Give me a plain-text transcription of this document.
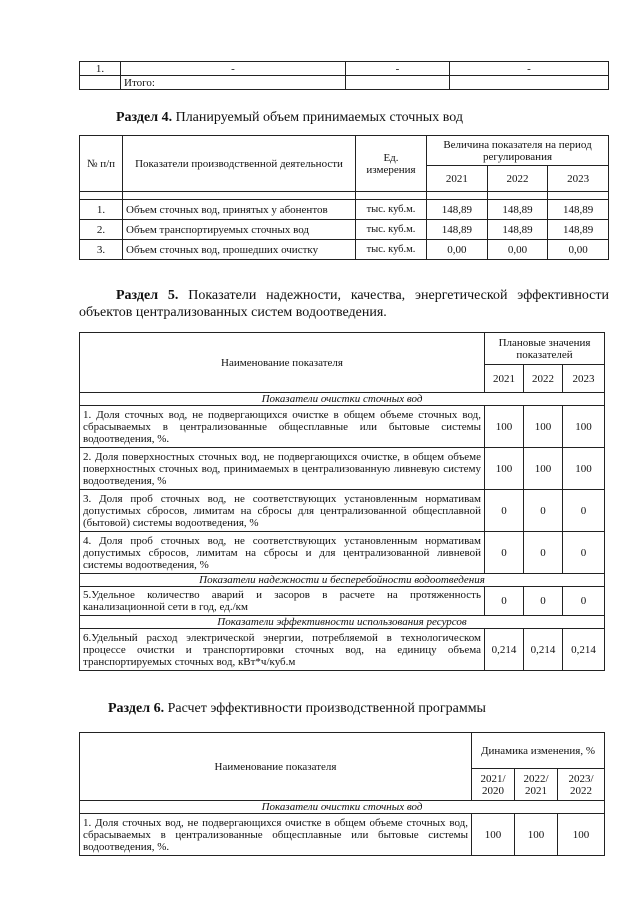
1.	-	-	-
	Итого:		
Раздел 4. Планируемый объем принимаемых сточных вод
№ п/п	Показатели производственной деятельности	Ед. измерения	Величина показателя на период регулирования		
			2021	2022	2023

1.	Объем сточных вод, принятых у абонентов	тыс. куб.м.	148,89	148,89	148,89
2.	Объем транспортируемых сточных вод	тыс. куб.м.	148,89	148,89	148,89
3.	Объем сточных вод, прошедших очистку	тыс. куб.м.	0,00	0,00	0,00
Раздел 5. Показатели надежности, качества, энергетической эффективности объектов централизованных систем водоотведения.
Наименование показателя	Плановые значения показателей		
	2021	2022	2023
Показатели очистки сточных вод			
1. Доля сточных вод, не подвергающихся очистке в общем объеме сточных вод, сбрасываемых в централизованные общесплавные или бытовые системы водоотведения, %.	100	100	100
2. Доля поверхностных сточных вод, не подвергающихся очистке, в общем объеме поверхностных сточных вод, принимаемых в централизованную ливневую систему водоотведения, %	100	100	100
3. Доля проб сточных вод, не соответствующих установленным нормативам допустимых сбросов, лимитам на сбросы для централизованной общесплавной (бытовой) системы водоотведения, %	0	0	0
4. Доля проб сточных вод, не соответствующих установленным нормативам допустимых сбросов, лимитам на сбросы и для централизованной ливневой системы водоотведения, %	0	0	0
Показатели надежности и бесперебойности водоотведения			
5.Удельное количество аварий и засоров в расчете на протяженность канализационной сети в год, ед./км	0	0	0
Показатели эффективности использования ресурсов			
6.Удельный расход электрической энергии, потребляемой в технологическом процессе очистки и транспортировки сточных вод, на единицу объема транспортируемых сточных вод, кВт*ч/куб.м	0,214	0,214	0,214
Раздел 6. Расчет эффективности производственной программы
Наименование показателя	Динамика изменения, %		
	2021/ 2020	2022/ 2021	2023/ 2022
Показатели очистки сточных вод			
1. Доля сточных вод, не подвергающихся очистке в общем объеме сточных вод, сбрасываемых в централизованные общесплавные или бытовые системы водоотведения, %.	100	100	100
